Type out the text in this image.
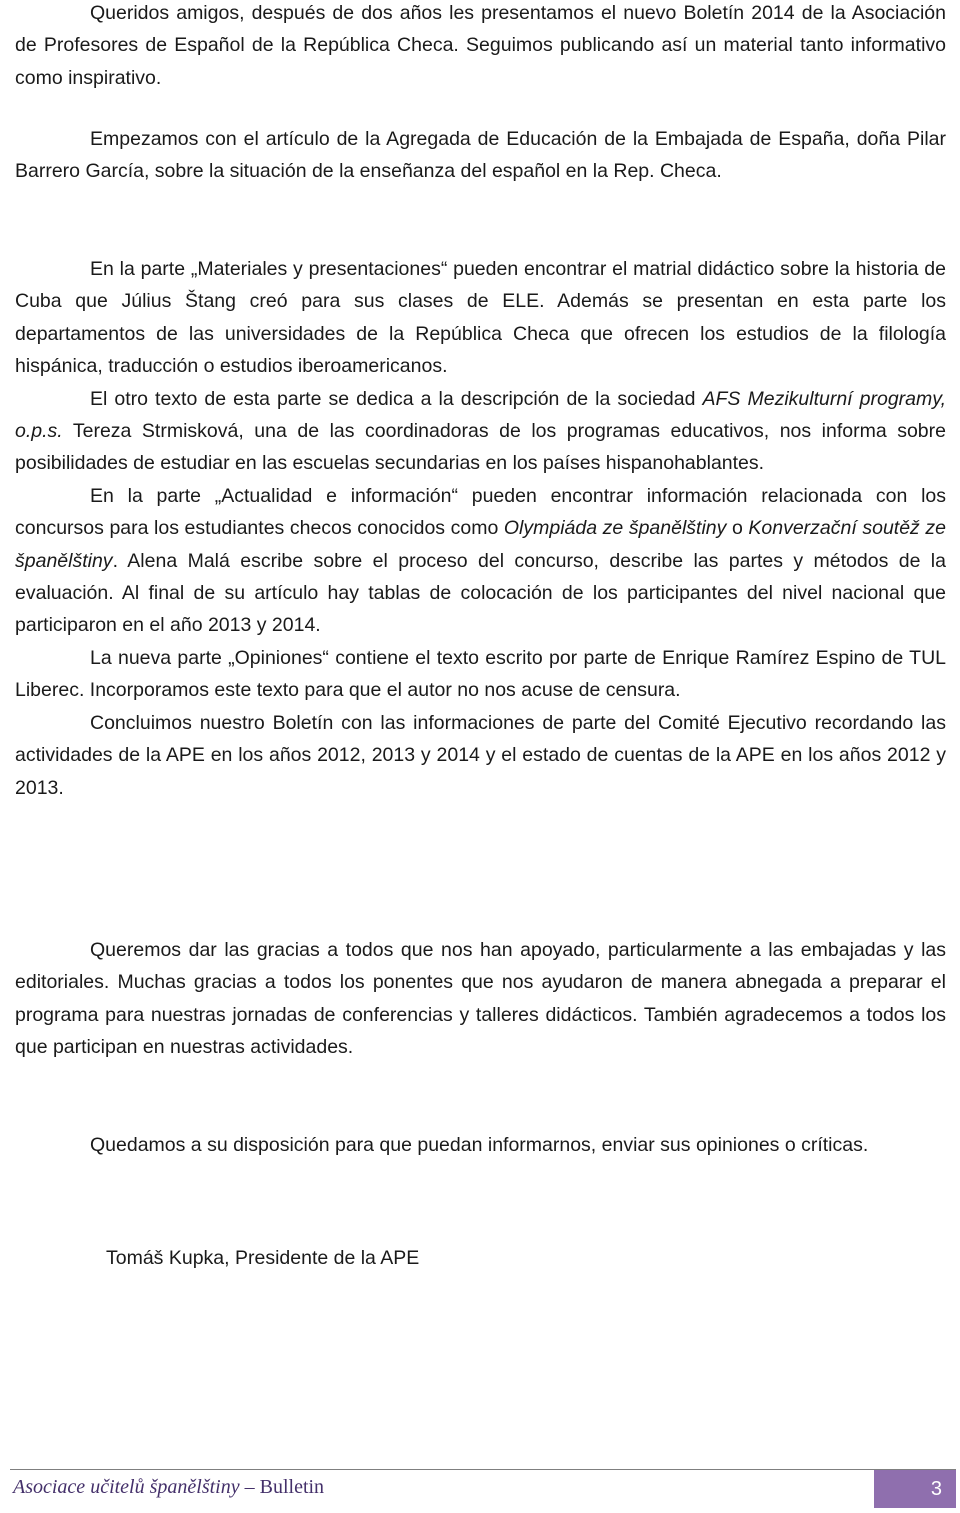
Queridos amigos, después de dos años les presentamos el nuevo Boletín 2014 de la Asociación de Profesores de Español de la República Checa. Seguimos publicando así un material tanto informativo como inspirativo.

Empezamos con el artículo de la Agregada de Educación de la Embajada de España, doña Pilar Barrero García, sobre la situación de la enseñanza del español en la Rep. Checa.

En la parte „Materiales y presentaciones“ pueden encontrar el matrial didáctico sobre la historia de Cuba que Július Štang creó para sus clases de ELE. Además se presentan en esta parte los departamentos de las universidades de la República Checa que ofrecen los estudios de la filología hispánica, traducción o estudios iberoamericanos.

El otro texto de esta parte se dedica a la descripción de la sociedad AFS Mezikulturní programy, o.p.s. Tereza Strmisková, una de las coordinadoras de los programas educativos, nos informa sobre posibilidades de estudiar en las escuelas secundarias en los países hispanohablantes.

En la parte „Actualidad e información“ pueden encontrar información relacionada con los concursos para los estudiantes checos conocidos como Olympiáda ze španělštiny o Konverzační soutěž ze španělštiny. Alena Malá escribe sobre el proceso del concurso, describe las partes y métodos de la evaluación. Al final de su artículo hay tablas de colocación de los participantes del nivel nacional que participaron en el año 2013 y 2014.

La nueva parte „Opiniones“ contiene el texto escrito por parte de Enrique Ramírez Espino de TUL Liberec. Incorporamos este texto para que el autor no nos acuse de censura.

Concluimos nuestro Boletín con las informaciones de parte del Comité Ejecutivo recordando las actividades de la APE en los años 2012, 2013 y 2014 y el estado de cuentas de la APE en los años 2012 y 2013.

Queremos dar las gracias a todos que nos han apoyado, particularmente a las embajadas y las editoriales. Muchas gracias a todos los ponentes que nos ayudaron de manera abnegada a preparar el programa para nuestras jornadas de conferencias y talleres didácticos. También agradecemos a todos los que participan en nuestras actividades.

Quedamos a su disposición para que puedan informarnos, enviar sus opiniones o críticas.

Tomáš Kupka, Presidente de la APE
Asociace učitelů španělštiny – Bulletin	3
